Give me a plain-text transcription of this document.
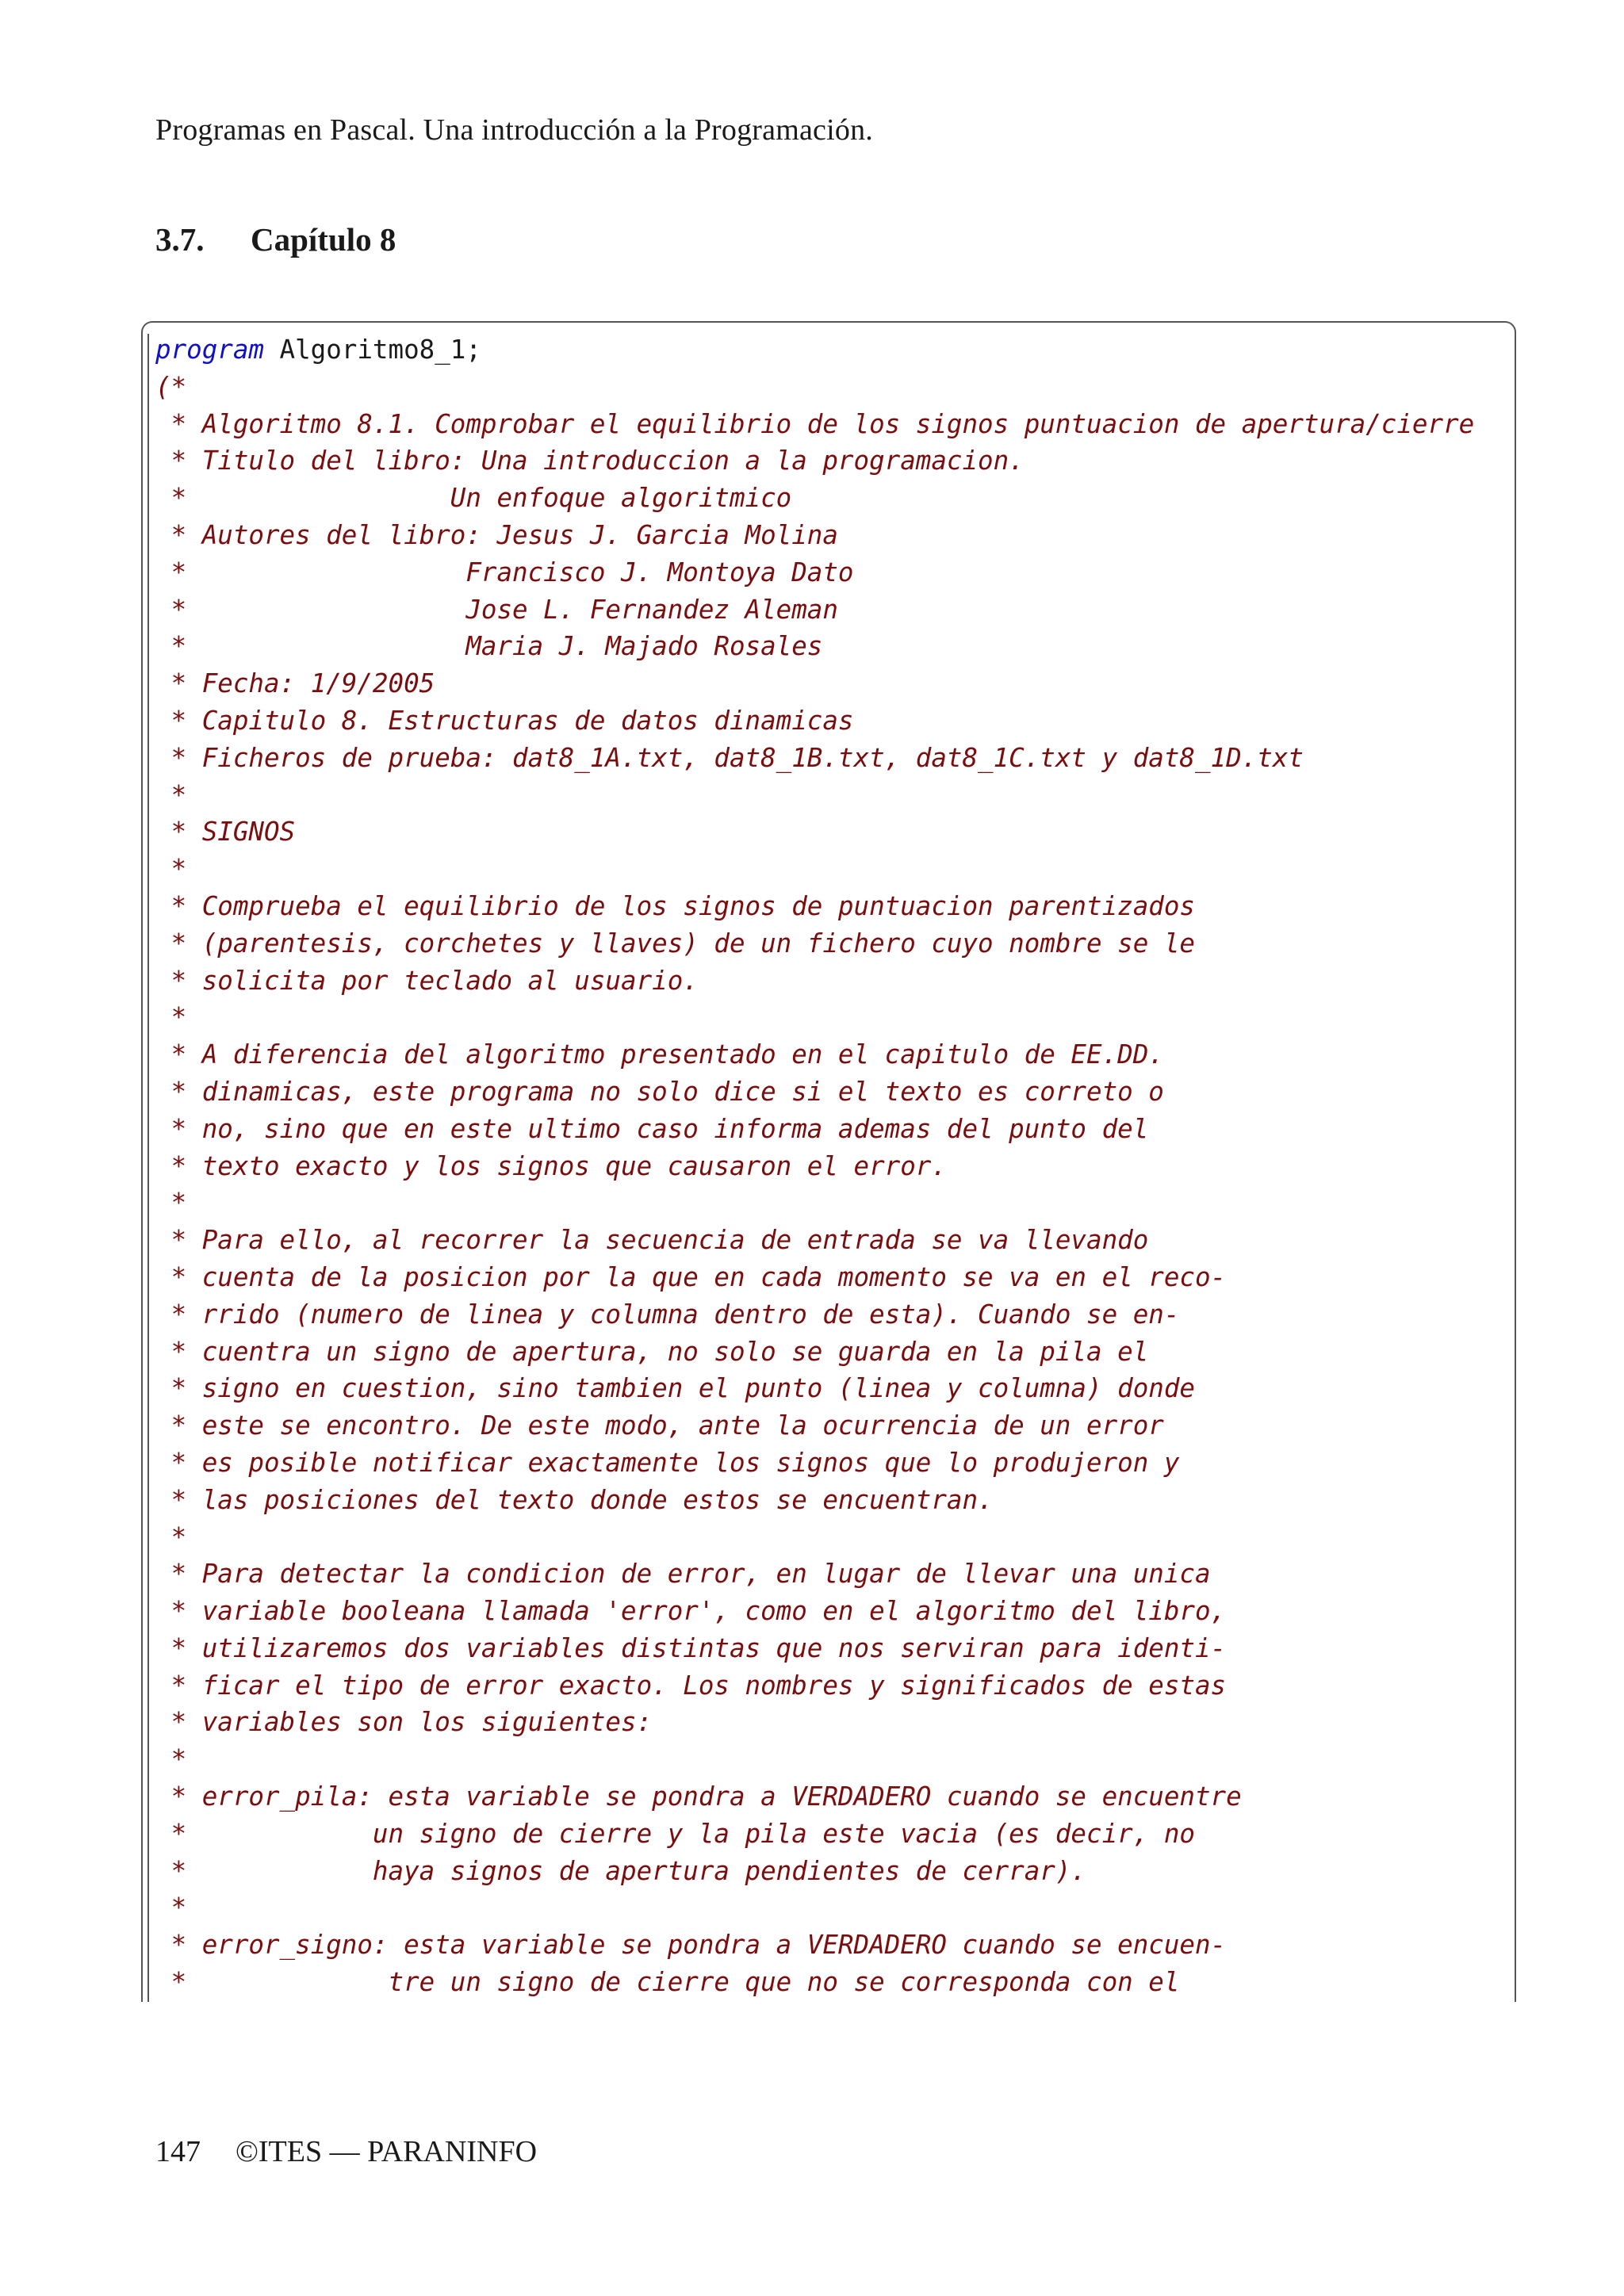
Programas en Pascal. Una introducción a la Programación.
3.7. Capítulo 8
program Algoritmo8_1;
(*
* Algoritmo 8.1. Comprobar el equilibrio de los signos puntuacion de apertura/cierre
* Titulo del libro: Una introduccion a la programacion.
*                 Un enfoque algoritmico
* Autores del libro: Jesus J. Garcia Molina
*                  Francisco J. Montoya Dato
*                  Jose L. Fernandez Aleman
*                  Maria J. Majado Rosales
* Fecha: 1/9/2005
* Capitulo 8. Estructuras de datos dinamicas
* Ficheros de prueba: dat8_1A.txt, dat8_1B.txt, dat8_1C.txt y dat8_1D.txt
*
* SIGNOS
*
* Comprueba el equilibrio de los signos de puntuacion parentizados
* (parentesis, corchetes y llaves) de un fichero cuyo nombre se le
* solicita por teclado al usuario.
*
* A diferencia del algoritmo presentado en el capitulo de EE.DD.
* dinamicas, este programa no solo dice si el texto es correto o
* no, sino que en este ultimo caso informa ademas del punto del
* texto exacto y los signos que causaron el error.
*
* Para ello, al recorrer la secuencia de entrada se va llevando
* cuenta de la posicion por la que en cada momento se va en el reco-
* rrido (numero de linea y columna dentro de esta). Cuando se en-
* cuentra un signo de apertura, no solo se guarda en la pila el
* signo en cuestion, sino tambien el punto (linea y columna) donde
* este se encontro. De este modo, ante la ocurrencia de un error
* es posible notificar exactamente los signos que lo produjeron y
* las posiciones del texto donde estos se encuentran.
*
* Para detectar la condicion de error, en lugar de llevar una unica
* variable booleana llamada 'error', como en el algoritmo del libro,
* utilizaremos dos variables distintas que nos serviran para identi-
* ficar el tipo de error exacto. Los nombres y significados de estas
* variables son los siguientes:
*
* error_pila: esta variable se pondra a VERDADERO cuando se encuentre
*            un signo de cierre y la pila este vacia (es decir, no
*            haya signos de apertura pendientes de cerrar).
*
* error_signo: esta variable se pondra a VERDADERO cuando se encuen-
*             tre un signo de cierre que no se corresponda con el
147 ©ITES — PARANINFO
